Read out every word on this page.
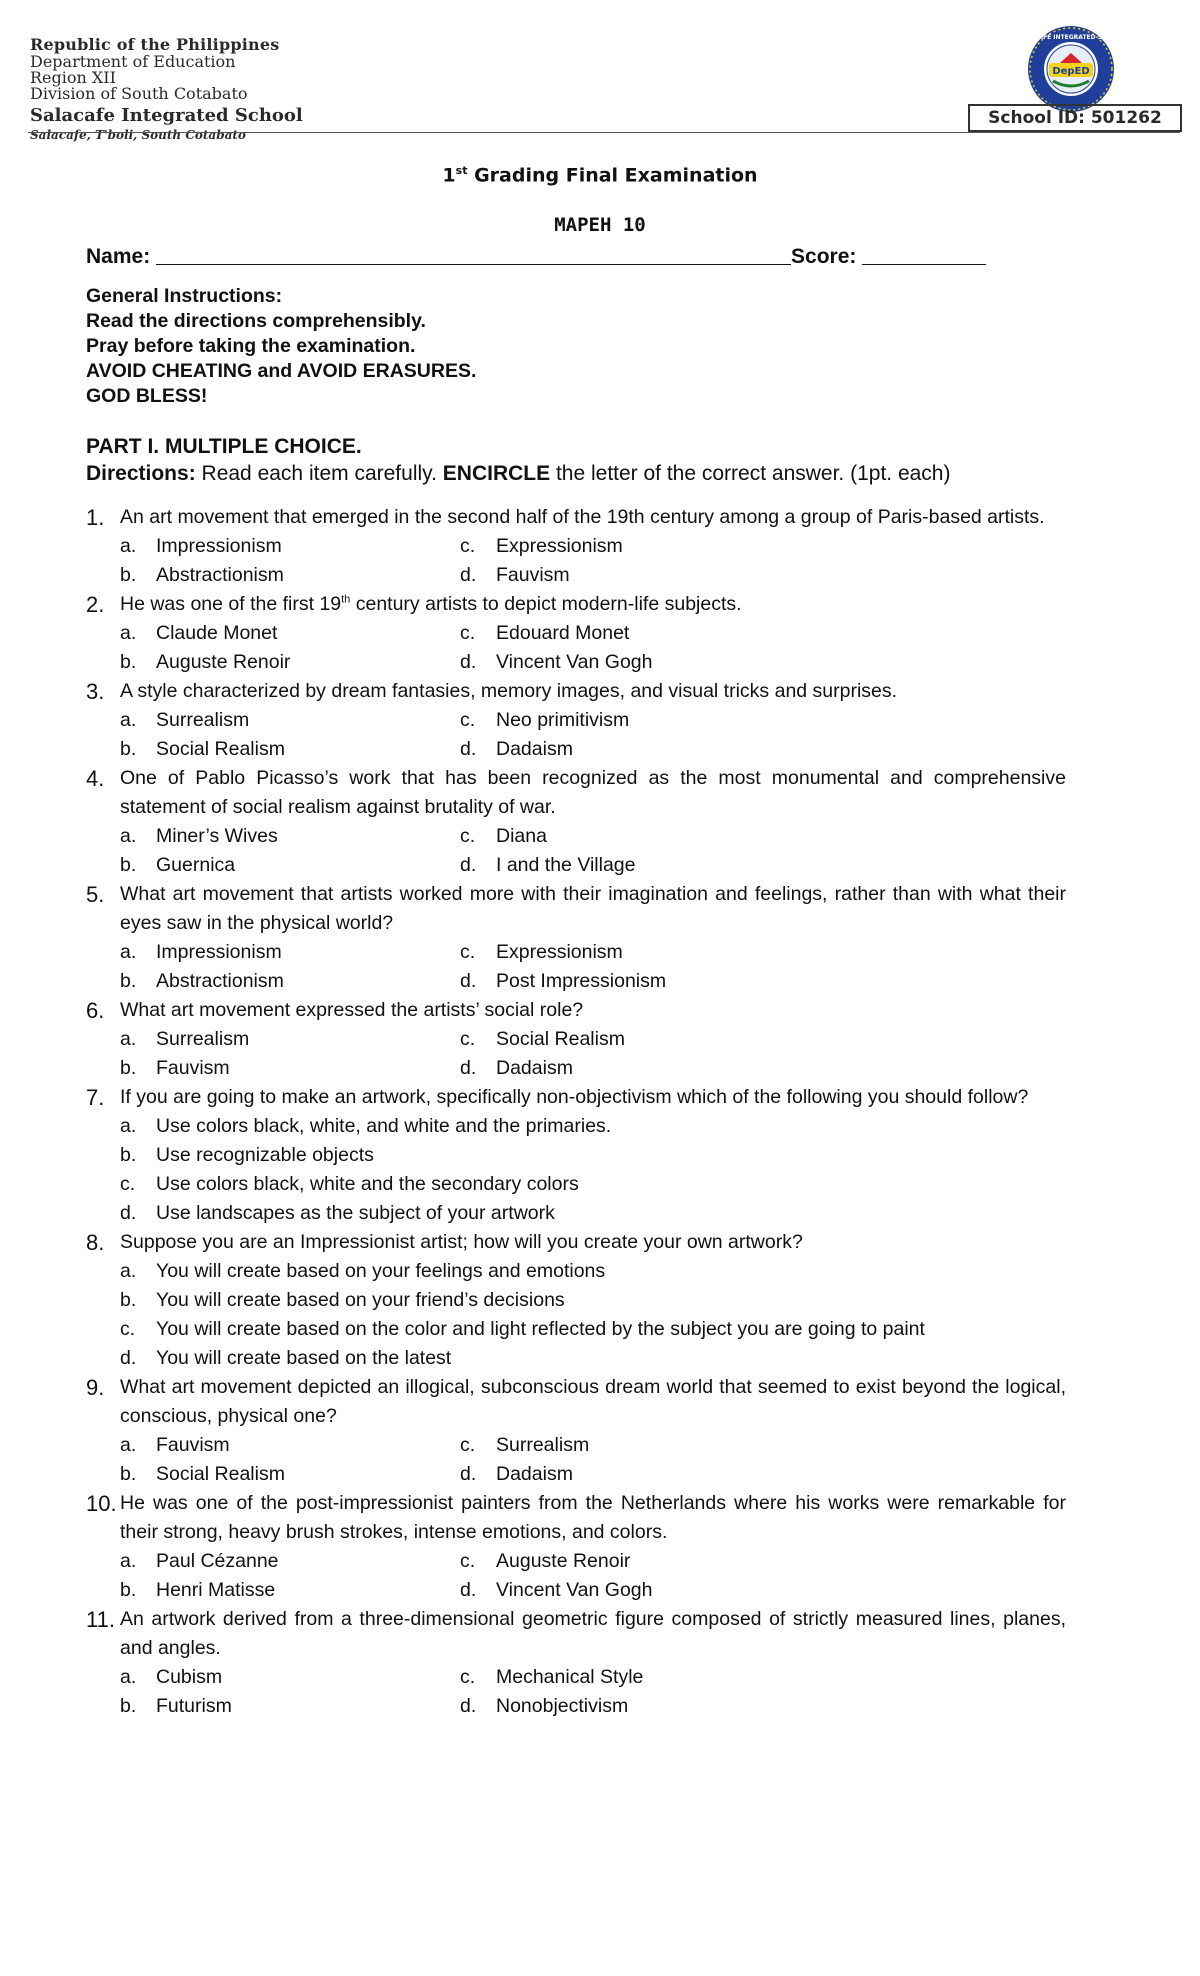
Republic of the Philippines
Department of Education
Region XII
Division of South Cotabato
Salacafe Integrated School
Salacafe, T'boli, South Cotabato
DepED
SALACAFE INTEGRATED SCHOOL
School ID: 501262
1st Grading Final Examination
MAPEH 10
Name:	Score:
General Instructions:
Read the directions comprehensibly.
Pray before taking the examination.
AVOID CHEATING and AVOID ERASURES.
GOD BLESS!
PART I. MULTIPLE CHOICE.
Directions: Read each item carefully. ENCIRCLE the letter of the correct answer. (1pt. each)
1. An art movement that emerged in the second half of the 19th century among a group of Paris-based artists.
a. Impressionism	c. Expressionism
b. Abstractionism	d. Fauvism
2. He was one of the first 19th century artists to depict modern-life subjects.
a. Claude Monet	c. Edouard Monet
b. Auguste Renoir	d. Vincent Van Gogh
3. A style characterized by dream fantasies, memory images, and visual tricks and surprises.
a. Surrealism	c. Neo primitivism
b. Social Realism	d. Dadaism
4. One of Pablo Picasso’s work that has been recognized as the most monumental and comprehensive statement of social realism against brutality of war.
a. Miner’s Wives	c. Diana
b. Guernica	d. I and the Village
5. What art movement that artists worked more with their imagination and feelings, rather than with what their eyes saw in the physical world?
a. Impressionism	c. Expressionism
b. Abstractionism	d. Post Impressionism
6. What art movement expressed the artists’ social role?
a. Surrealism	c. Social Realism
b. Fauvism	d. Dadaism
7. If you are going to make an artwork, specifically non-objectivism which of the following you should follow?
a. Use colors black, white, and white and the primaries.
b. Use recognizable objects
c. Use colors black, white and the secondary colors
d. Use landscapes as the subject of your artwork
8. Suppose you are an Impressionist artist; how will you create your own artwork?
a. You will create based on your feelings and emotions
b. You will create based on your friend’s decisions
c. You will create based on the color and light reflected by the subject you are going to paint
d. You will create based on the latest
9. What art movement depicted an illogical, subconscious dream world that seemed to exist beyond the logical, conscious, physical one?
a. Fauvism	c. Surrealism
b. Social Realism	d. Dadaism
10. He was one of the post-impressionist painters from the Netherlands where his works were remarkable for their strong, heavy brush strokes, intense emotions, and colors.
a. Paul Cézanne	c. Auguste Renoir
b. Henri Matisse	d. Vincent Van Gogh
11. An artwork derived from a three-dimensional geometric figure composed of strictly measured lines, planes, and angles.
a. Cubism	c. Mechanical Style
b. Futurism	d. Nonobjectivism
